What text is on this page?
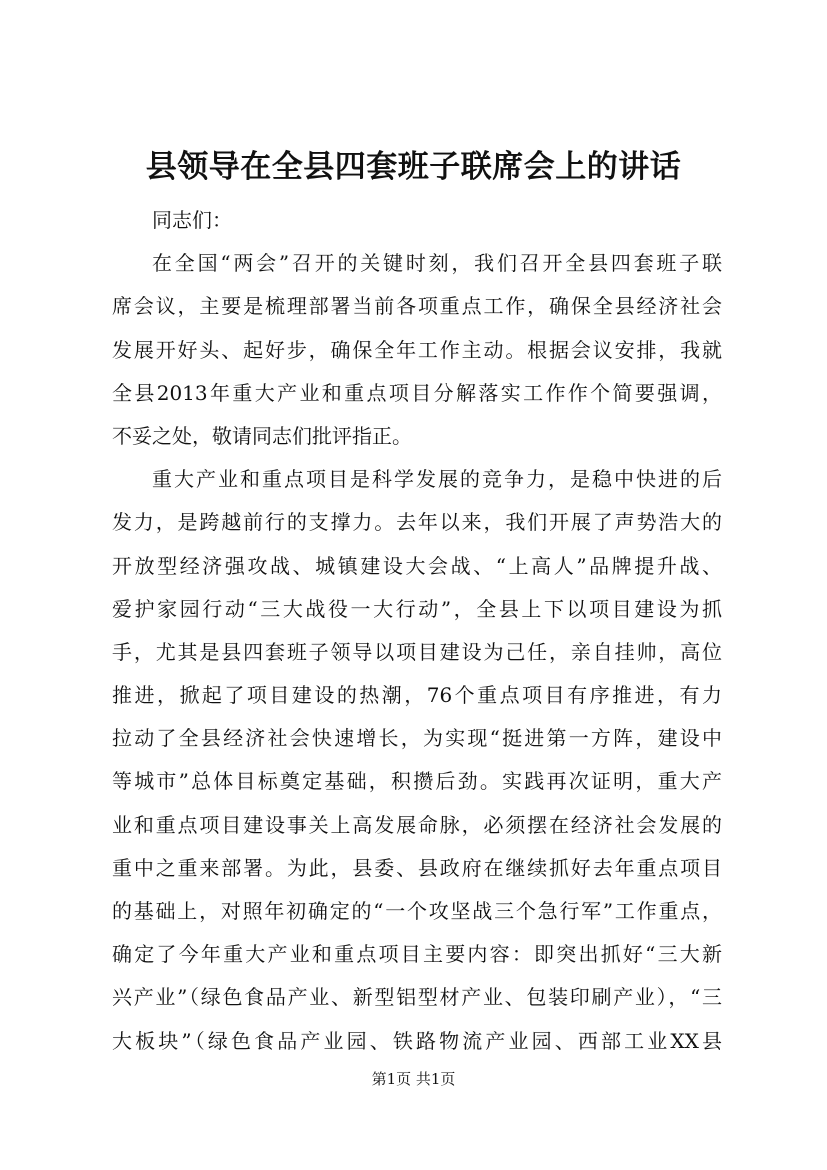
县领导在全县四套班子联席会上的讲话
同志们：
在全国“两会”召开的关键时刻，我们召开全县四套班子联
席会议，主要是梳理部署当前各项重点工作，确保全县经济社会
发展开好头、起好步，确保全年工作主动。根据会议安排，我就
全县2013年重大产业和重点项目分解落实工作作个简要强调，
不妥之处，敬请同志们批评指正。
重大产业和重点项目是科学发展的竞争力，是稳中快进的后
发力，是跨越前行的支撑力。去年以来，我们开展了声势浩大的
开放型经济强攻战、城镇建设大会战、“上高人”品牌提升战、
爱护家园行动“三大战役一大行动”，全县上下以项目建设为抓
手，尤其是县四套班子领导以项目建设为己任，亲自挂帅，高位
推进，掀起了项目建设的热潮，76个重点项目有序推进，有力
拉动了全县经济社会快速增长，为实现“挺进第一方阵，建设中
等城市”总体目标奠定基础，积攒后劲。实践再次证明，重大产
业和重点项目建设事关上高发展命脉，必须摆在经济社会发展的
重中之重来部署。为此，县委、县政府在继续抓好去年重点项目
的基础上，对照年初确定的“一个攻坚战三个急行军”工作重点，
确定了今年重大产业和重点项目主要内容：即突出抓好“三大新
兴产业”（绿色食品产业、新型铝型材产业、包装印刷产业），“三
大板块”（绿色食品产业园、铁路物流产业园、西部工业XX县
第1页 共1页
